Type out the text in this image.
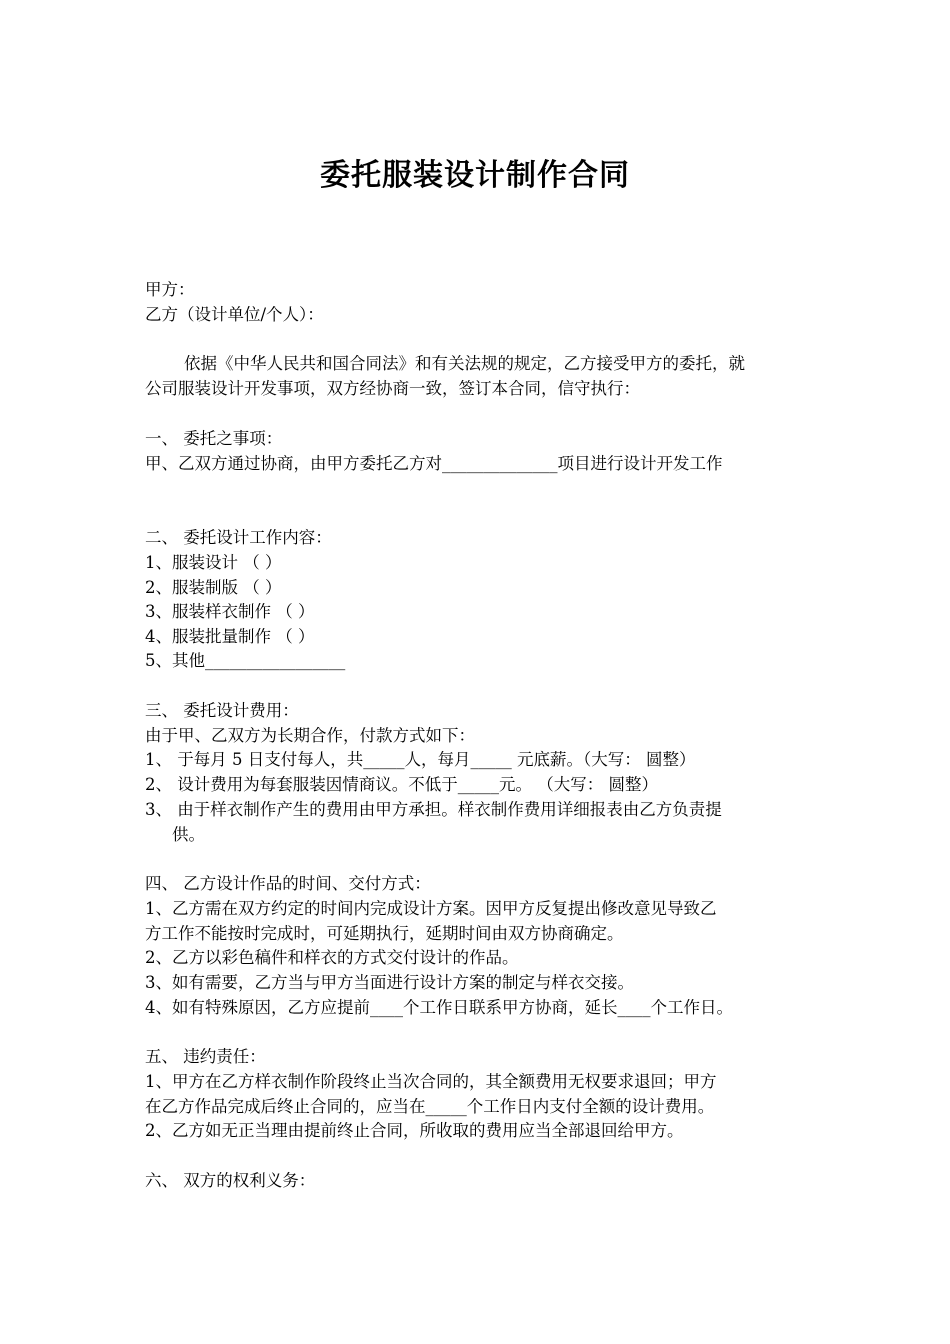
委托服装设计制作合同
甲方：
乙方（设计单位/个人）：
依据《中华人民共和国合同法》和有关法规的规定，乙方接受甲方的委托，就
公司服装设计开发事项，双方经协商一致，签订本合同，信守执行：
一、 委托之事项：
甲、乙双方通过协商，由甲方委托乙方对______________项目进行设计开发工作
二、 委托设计工作内容：
1、服装设计 （ ）
2、服装制版 （ ）
3、服装样衣制作 （ ）
4、服装批量制作 （ ）
5、其他_________________
三、 委托设计费用：
由于甲、乙双方为长期合作，付款方式如下：
1、 于每月 5 日支付每人，共_____人，每月_____ 元底薪。（大写： 圆整）
2、 设计费用为每套服装因情商议。不低于_____元。 （大写： 圆整）
3、 由于样衣制作产生的费用由甲方承担。样衣制作费用详细报表由乙方负责提
供。
四、 乙方设计作品的时间、交付方式：
1、乙方需在双方约定的时间内完成设计方案。因甲方反复提出修改意见导致乙
方工作不能按时完成时，可延期执行，延期时间由双方协商确定。
2、乙方以彩色稿件和样衣的方式交付设计的作品。
3、如有需要，乙方当与甲方当面进行设计方案的制定与样衣交接。
4、如有特殊原因，乙方应提前____个工作日联系甲方协商，延长____个工作日。
五、 违约责任：
1、甲方在乙方样衣制作阶段终止当次合同的，其全额费用无权要求退回；甲方
在乙方作品完成后终止合同的，应当在_____个工作日内支付全额的设计费用。
2、乙方如无正当理由提前终止合同，所收取的费用应当全部退回给甲方。
六、 双方的权利义务：
